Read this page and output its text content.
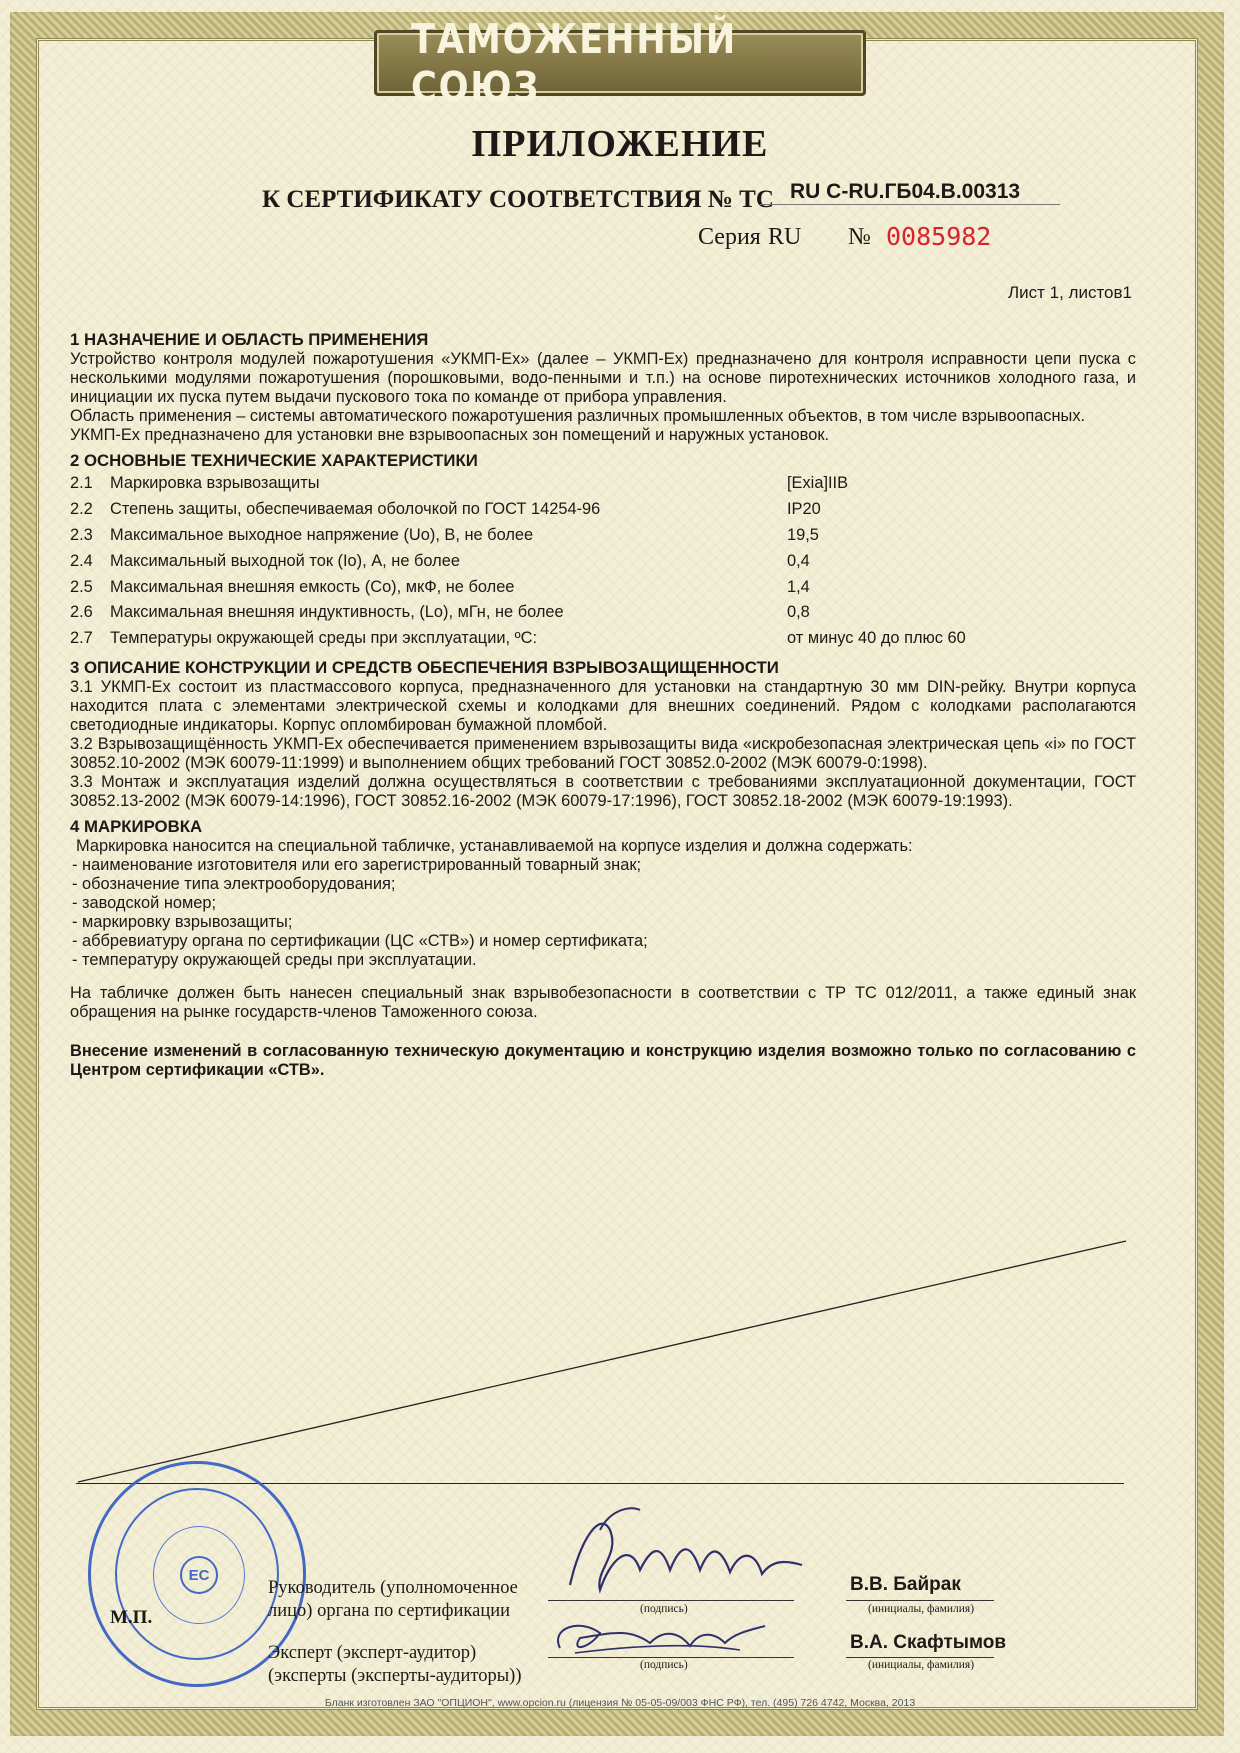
ТАМОЖЕННЫЙ СОЮЗ
ПРИЛОЖЕНИЕ
К СЕРТИФИКАТУ СООТВЕТСТВИЯ № ТС RU С-RU.ГБ04.В.00313
Серия RU № 0085982
Лист 1, листов1
1 НАЗНАЧЕНИЕ И ОБЛАСТЬ ПРИМЕНЕНИЯ

Устройство контроля модулей пожаротушения «УКМП-Ех» (далее – УКМП-Ех) предназначено для контроля исправности цепи пуска с несколькими модулями пожаротушения (порошковыми, водо-пенными и т.п.) на основе пиротехнических источников холодного газа, и инициации их пуска путем выдачи пускового тока по команде от прибора управления.

Область применения – системы автоматического пожаротушения различных промышленных объектов, в том числе взрывоопасных.

УКМП-Ех предназначено для установки вне взрывоопасных зон помещений и наружных установок.

2 ОСНОВНЫЕ ТЕХНИЧЕСКИЕ ХАРАКТЕРИСТИКИ
2.1	Маркировка взрывозащиты	[Exia]IIB
2.2	Степень защиты, обеспечиваемая оболочкой по ГОСТ 14254-96	IP20
2.3	Максимальное выходное напряжение (Uo), В, не более	19,5
2.4	Максимальный выходной ток (Io), А, не более	0,4
2.5	Максимальная внешняя емкость (Со), мкФ, не более	1,4
2.6	Максимальная внешняя индуктивность, (Lo), мГн, не более	0,8
2.7	Температуры окружающей среды при эксплуатации, ºС:	от минус 40 до плюс 60
3 ОПИСАНИЕ КОНСТРУКЦИИ И СРЕДСТВ ОБЕСПЕЧЕНИЯ ВЗРЫВОЗАЩИЩЕННОСТИ

3.1 УКМП-Ех состоит из пластмассового корпуса, предназначенного для установки на стандартную 30 мм DIN-рейку. Внутри корпуса находится плата с элементами электрической схемы и колодками для внешних соединений. Рядом с колодками располагаются светодиодные индикаторы. Корпус опломбирован бумажной пломбой.

3.2 Взрывозащищённость УКМП-Ех обеспечивается применением взрывозащиты вида «искробезопасная электрическая цепь «i» по ГОСТ 30852.10-2002 (МЭК 60079-11:1999) и выполнением общих требований ГОСТ 30852.0-2002 (МЭК 60079-0:1998).

3.3 Монтаж и эксплуатация изделий должна осуществляться в соответствии с требованиями эксплуатационной документации, ГОСТ 30852.13-2002 (МЭК 60079-14:1996), ГОСТ 30852.16-2002 (МЭК 60079-17:1996), ГОСТ 30852.18-2002 (МЭК 60079-19:1993).

4 МАРКИРОВКА

Маркировка наносится на специальной табличке, устанавливаемой на корпусе изделия и должна содержать:

- наименование изготовителя или его зарегистрированный товарный знак;

- обозначение типа электрооборудования;

- заводской номер;

- маркировку взрывозащиты;

- аббревиатуру органа по сертификации (ЦС «СТВ») и номер сертификата;

- температуру окружающей среды при эксплуатации.

На табличке должен быть нанесен специальный знак взрывобезопасности в соответствии с ТР ТС 012/2011, а также единый знак обращения на рынке государств-членов Таможенного союза.

Внесение изменений в согласованную техническую документацию и конструкцию изделия возможно только по согласованию с Центром сертификации «СТВ».

ЕС
М.П.
Руководитель (уполномоченное
лицо) органа по сертификации	(подпись)
В.В. Байрак
(инициалы, фамилия)
Эксперт (эксперт-аудитор)
(эксперты (эксперты-аудиторы))
(подпись)
В.А. Скафтымов
(инициалы, фамилия)
Бланк изготовлен ЗАО "ОПЦИОН", www.opcion.ru (лицензия № 05-05-09/003 ФНС РФ), тел. (495) 726 4742, Москва, 2013
